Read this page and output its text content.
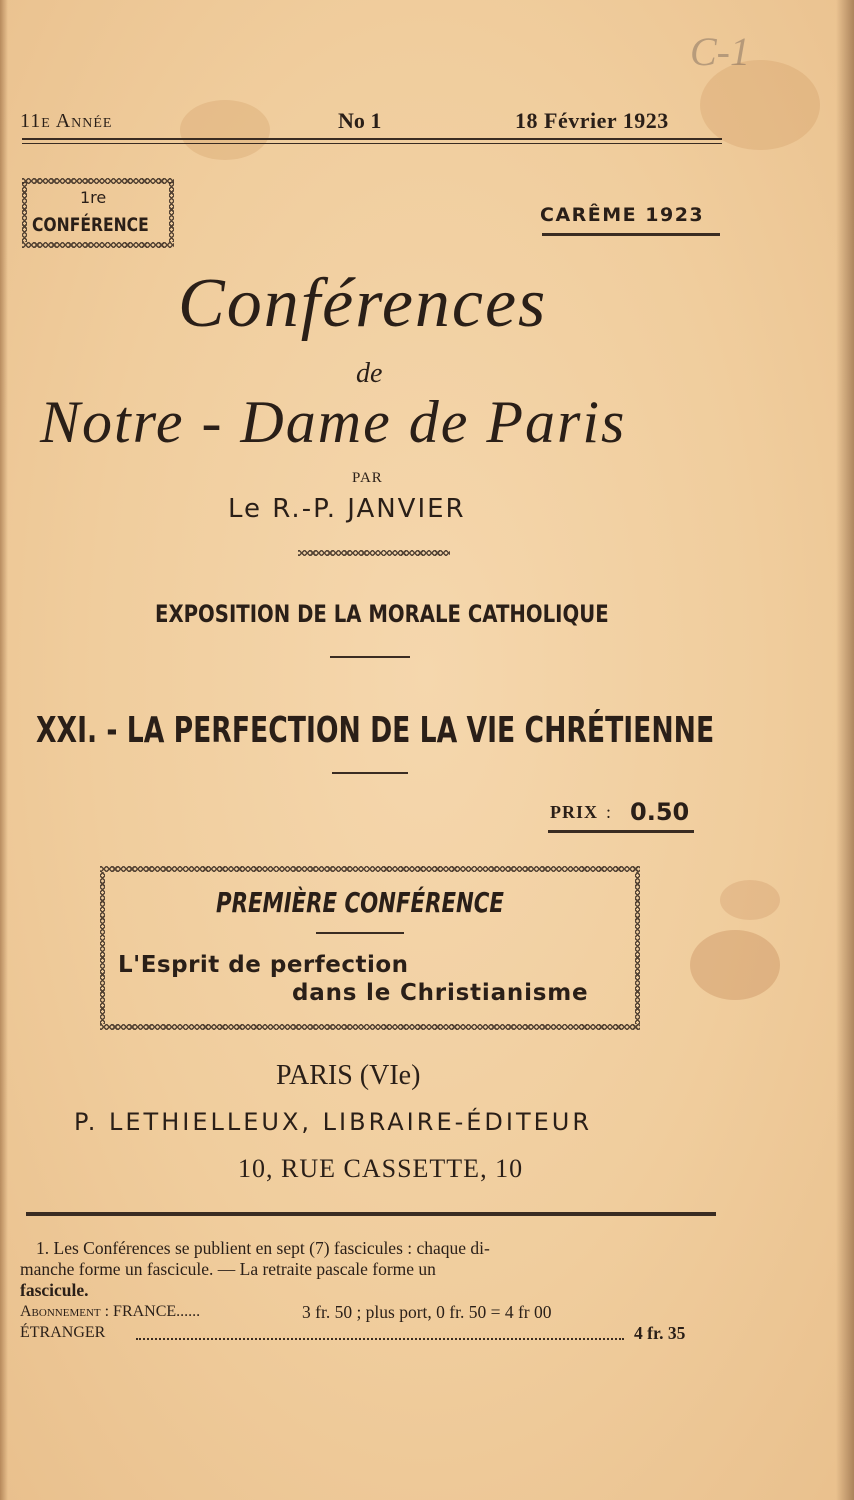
11e Année	No 1	18 Février 1923
C-1
1re
CONFÉRENCE	CARÊME 1923
Conférences
de
Notre - Dame de Paris
PAR
Le R.-P. JANVIER
EXPOSITION DE LA MORALE CATHOLIQUE
XXI. - LA PERFECTION DE LA VIE CHRÉTIENNE
PRIX : 0.50
PREMIÈRE CONFÉRENCE
L'Esprit de perfection
dans le Christianisme
PARIS (VIe)
P. LETHIELLEUX, LIBRAIRE-ÉDITEUR
10, RUE CASSETTE, 10
1. Les Conférences se publient en sept (7) fascicules : chaque di-
manche forme un fascicule. — La retraite pascale forme un
fascicule.
Abonnement : FRANCE......	3 fr. 50 ; plus port, 0 fr. 50 = 4 fr 00
ÉTRANGER	4 fr. 35
